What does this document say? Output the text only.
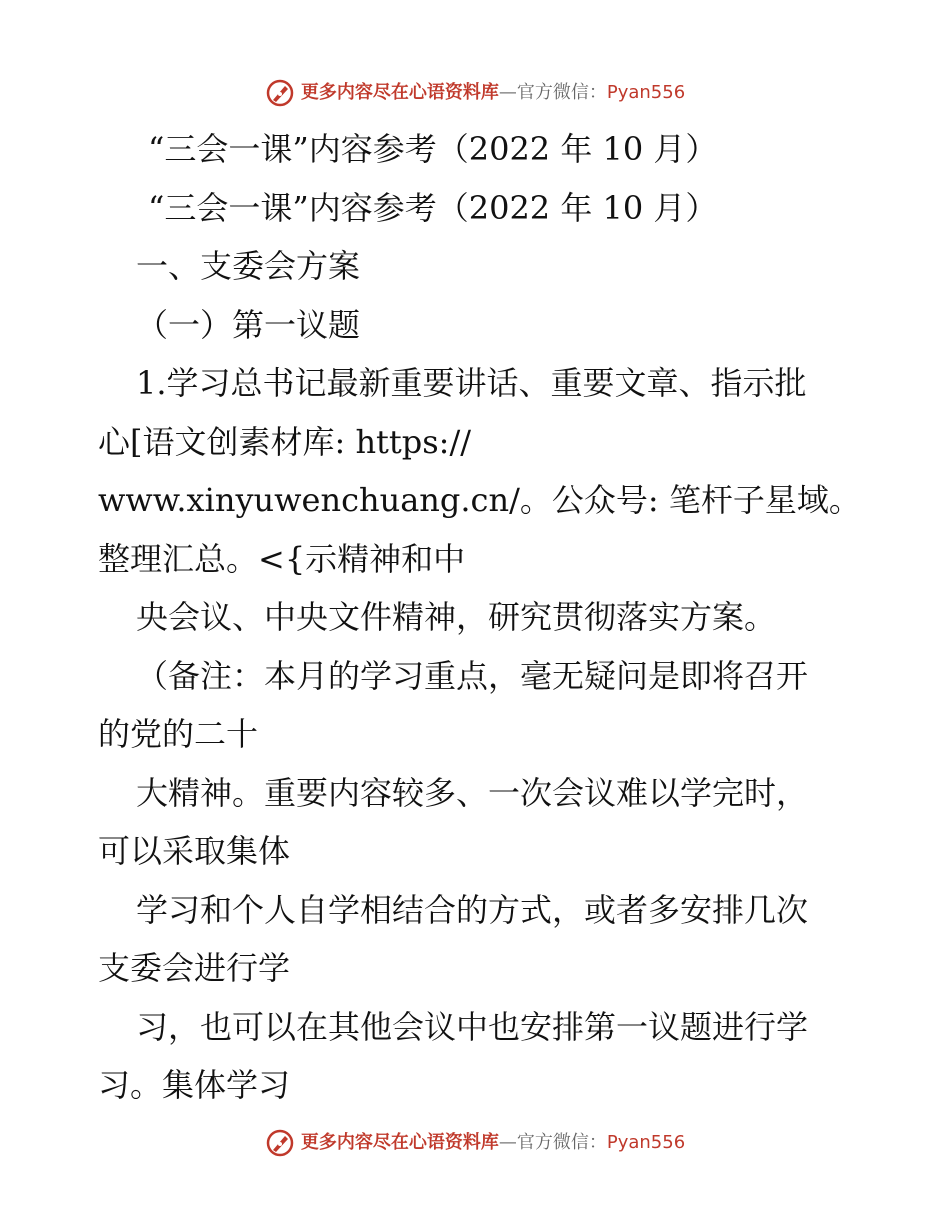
更多内容尽在心语资料库—官方微信：Pyan556
“三会一课”内容参考（2022 年 10 月）
“三会一课”内容参考（2022 年 10 月）
一、支委会方案
（一）第一议题
1.学习总书记最新重要讲话、重要文章、指示批
心[语文创素材库: https://
www.xinyuwenchuang.cn/。公众号: 笔杆子星域。
整理汇总。<{示精神和中
央会议、中央文件精神，研究贯彻落实方案。
（备注：本月的学习重点，毫无疑问是即将召开
的党的二十
大精神。重要内容较多、一次会议难以学完时，
可以采取集体
学习和个人自学相结合的方式，或者多安排几次
支委会进行学
习，也可以在其他会议中也安排第一议题进行学
习。集体学习
更多内容尽在心语资料库—官方微信：Pyan556
